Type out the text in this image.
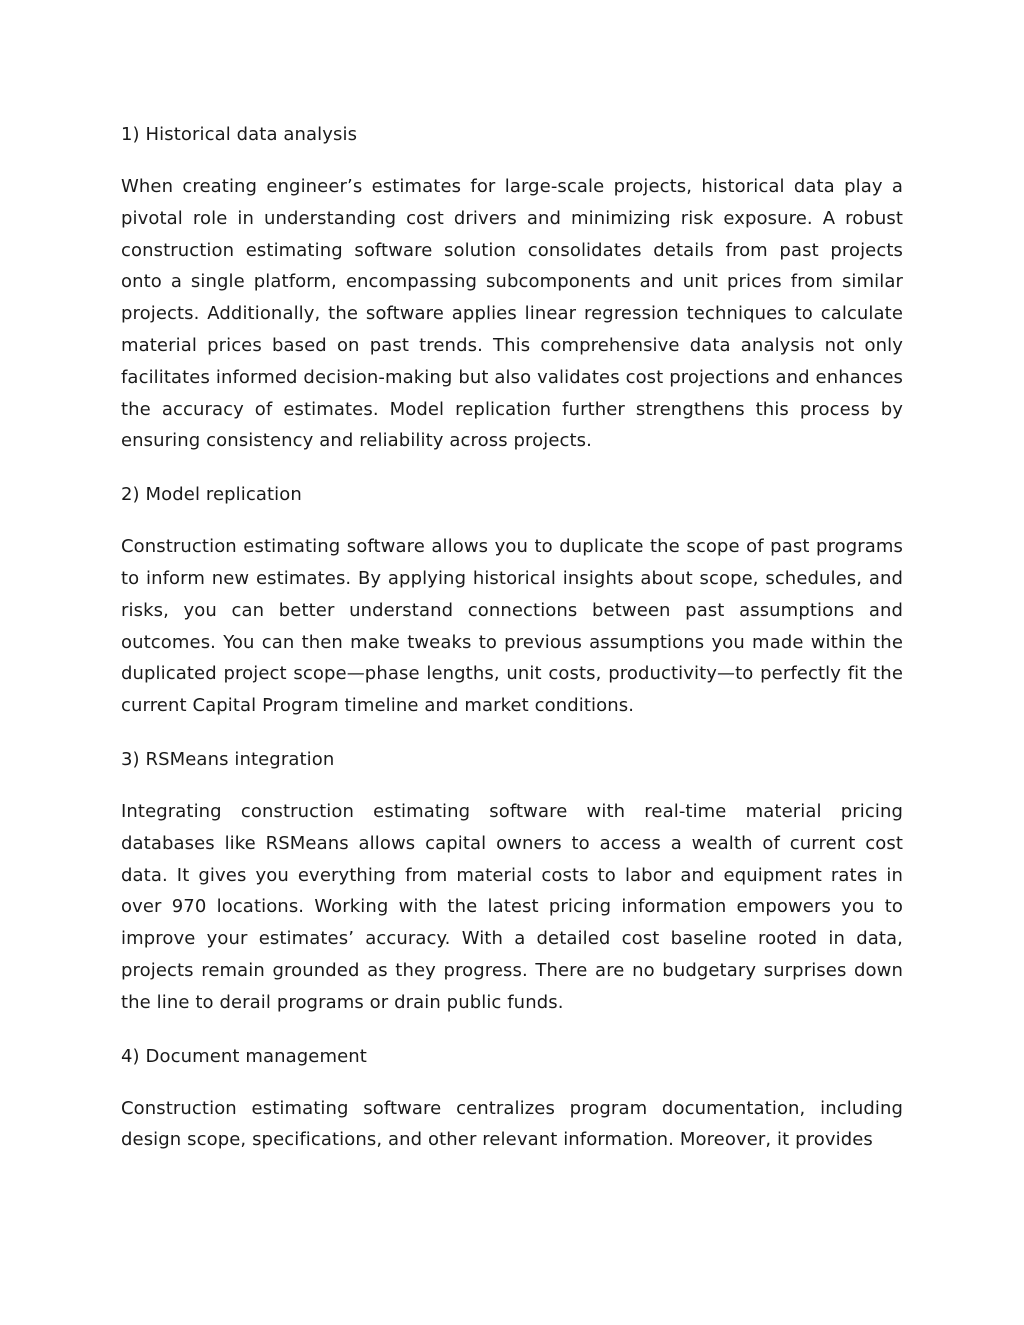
1) Historical data analysis

When creating engineer’s estimates for large-scale projects, historical data play a pivotal role in understanding cost drivers and minimizing risk exposure. A robust construction estimating software solution consolidates details from past projects onto a single platform, encompassing subcomponents and unit prices from similar projects. Additionally, the software applies linear regression techniques to calculate material prices based on past trends. This comprehensive data analysis not only facilitates informed decision-making but also validates cost projections and enhances the accuracy of estimates. Model replication further strengthens this process by ensuring consistency and reliability across projects.

2) Model replication

Construction estimating software allows you to duplicate the scope of past programs to inform new estimates. By applying historical insights about scope, schedules, and risks, you can better understand connections between past assumptions and outcomes. You can then make tweaks to previous assumptions you made within the duplicated project scope—phase lengths, unit costs, productivity—to perfectly fit the current Capital Program timeline and market conditions.

3) RSMeans integration

Integrating construction estimating software with real-time material pricing databases like RSMeans allows capital owners to access a wealth of current cost data. It gives you everything from material costs to labor and equipment rates in over 970 locations. Working with the latest pricing information empowers you to improve your estimates’ accuracy. With a detailed cost baseline rooted in data, projects remain grounded as they progress. There are no budgetary surprises down the line to derail programs or drain public funds.

4) Document management

Construction estimating software centralizes program documentation, including design scope, specifications, and other relevant information. Moreover, it provides
